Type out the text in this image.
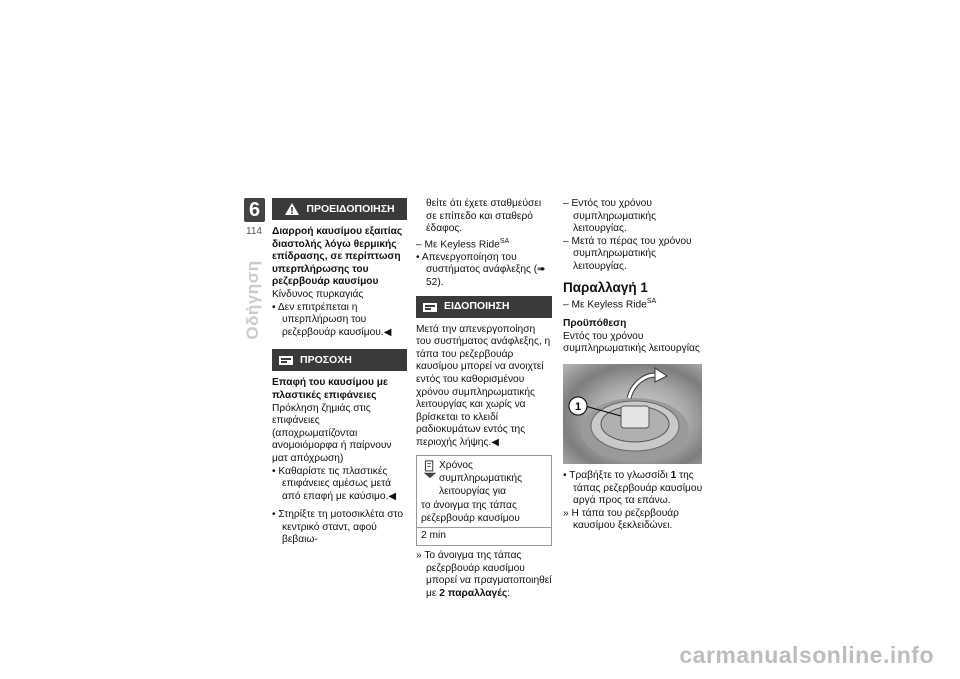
6
114
Οδήγηση
ΠΡΟΕΙΔΟΠΟΙΗΣΗ

Διαρροή καυσίμου εξαιτίας διαστολής λόγω θερμικής επίδρασης, σε περίπτωση υπερπλήρωσης του ρεζερβουάρ καυσίμου

Κίνδυνος πυρκαγιάς

• Δεν επιτρέπεται η υπερπλήρωση του ρεζερβουάρ καυσίμου.◀

ΠΡΟΣΟΧΗ

Επαφή του καυσίμου με πλαστικές επιφάνειες

Πρόκληση ζημιάς στις επιφάνειες (αποχρωματίζονται ανομοιόμορφα ή παίρνουν ματ απόχρωση)

• Καθαρίστε τις πλαστικές επιφάνειες αμέσως μετά από επαφή με καύσιμο.◀

• Στηρίξτε τη μοτοσικλέτα στο κεντρικό σταντ, αφού βεβαιω-

θείτε ότι έχετε σταθμεύσει σε επίπεδο και σταθερό έδαφος.

– Με Keyless Ride$^{SA}$

• Απενεργοποίηση του συστήματος ανάφλεξης (➠ 52).

ΕΙΔΟΠΟΙΗΣΗ

Μετά την απενεργοποίηση του συστήματος ανάφλεξης, η τάπα του ρεζερβουάρ καυσίμου μπορεί να ανοιχτεί εντός του καθορισμένου χρόνου συμπληρωματικής λειτουργίας και χωρίς να βρίσκεται το κλειδί ραδιοκυμάτων εντός της περιοχής λήψης.◀

Χρόνος συμπληρωματικής λειτουργίας για
το άνοιγμα της τάπας ρεζερβουάρ καυσίμου
2 min

» Το άνοιγμα της τάπας ρεζερβουάρ καυσίμου μπορεί να πραγματοποιηθεί με 2 παραλλαγές:

– Εντός του χρόνου συμπληρωματικής λειτουργίας.

– Μετά το πέρας του χρόνου συμπληρωματικής λειτουργίας.

Παραλλαγή 1

– Με Keyless Ride$^{SA}$

Προϋπόθεση

Εντός του χρόνου συμπληρωματικής λειτουργίας

1

• Τραβήξτε το γλωσσίδι 1 της τάπας ρεζερβουάρ καυσίμου αργά προς τα επάνω.

» Η τάπα του ρεζερβουάρ καυσίμου ξεκλειδώνει.

carmanualsonline.info
